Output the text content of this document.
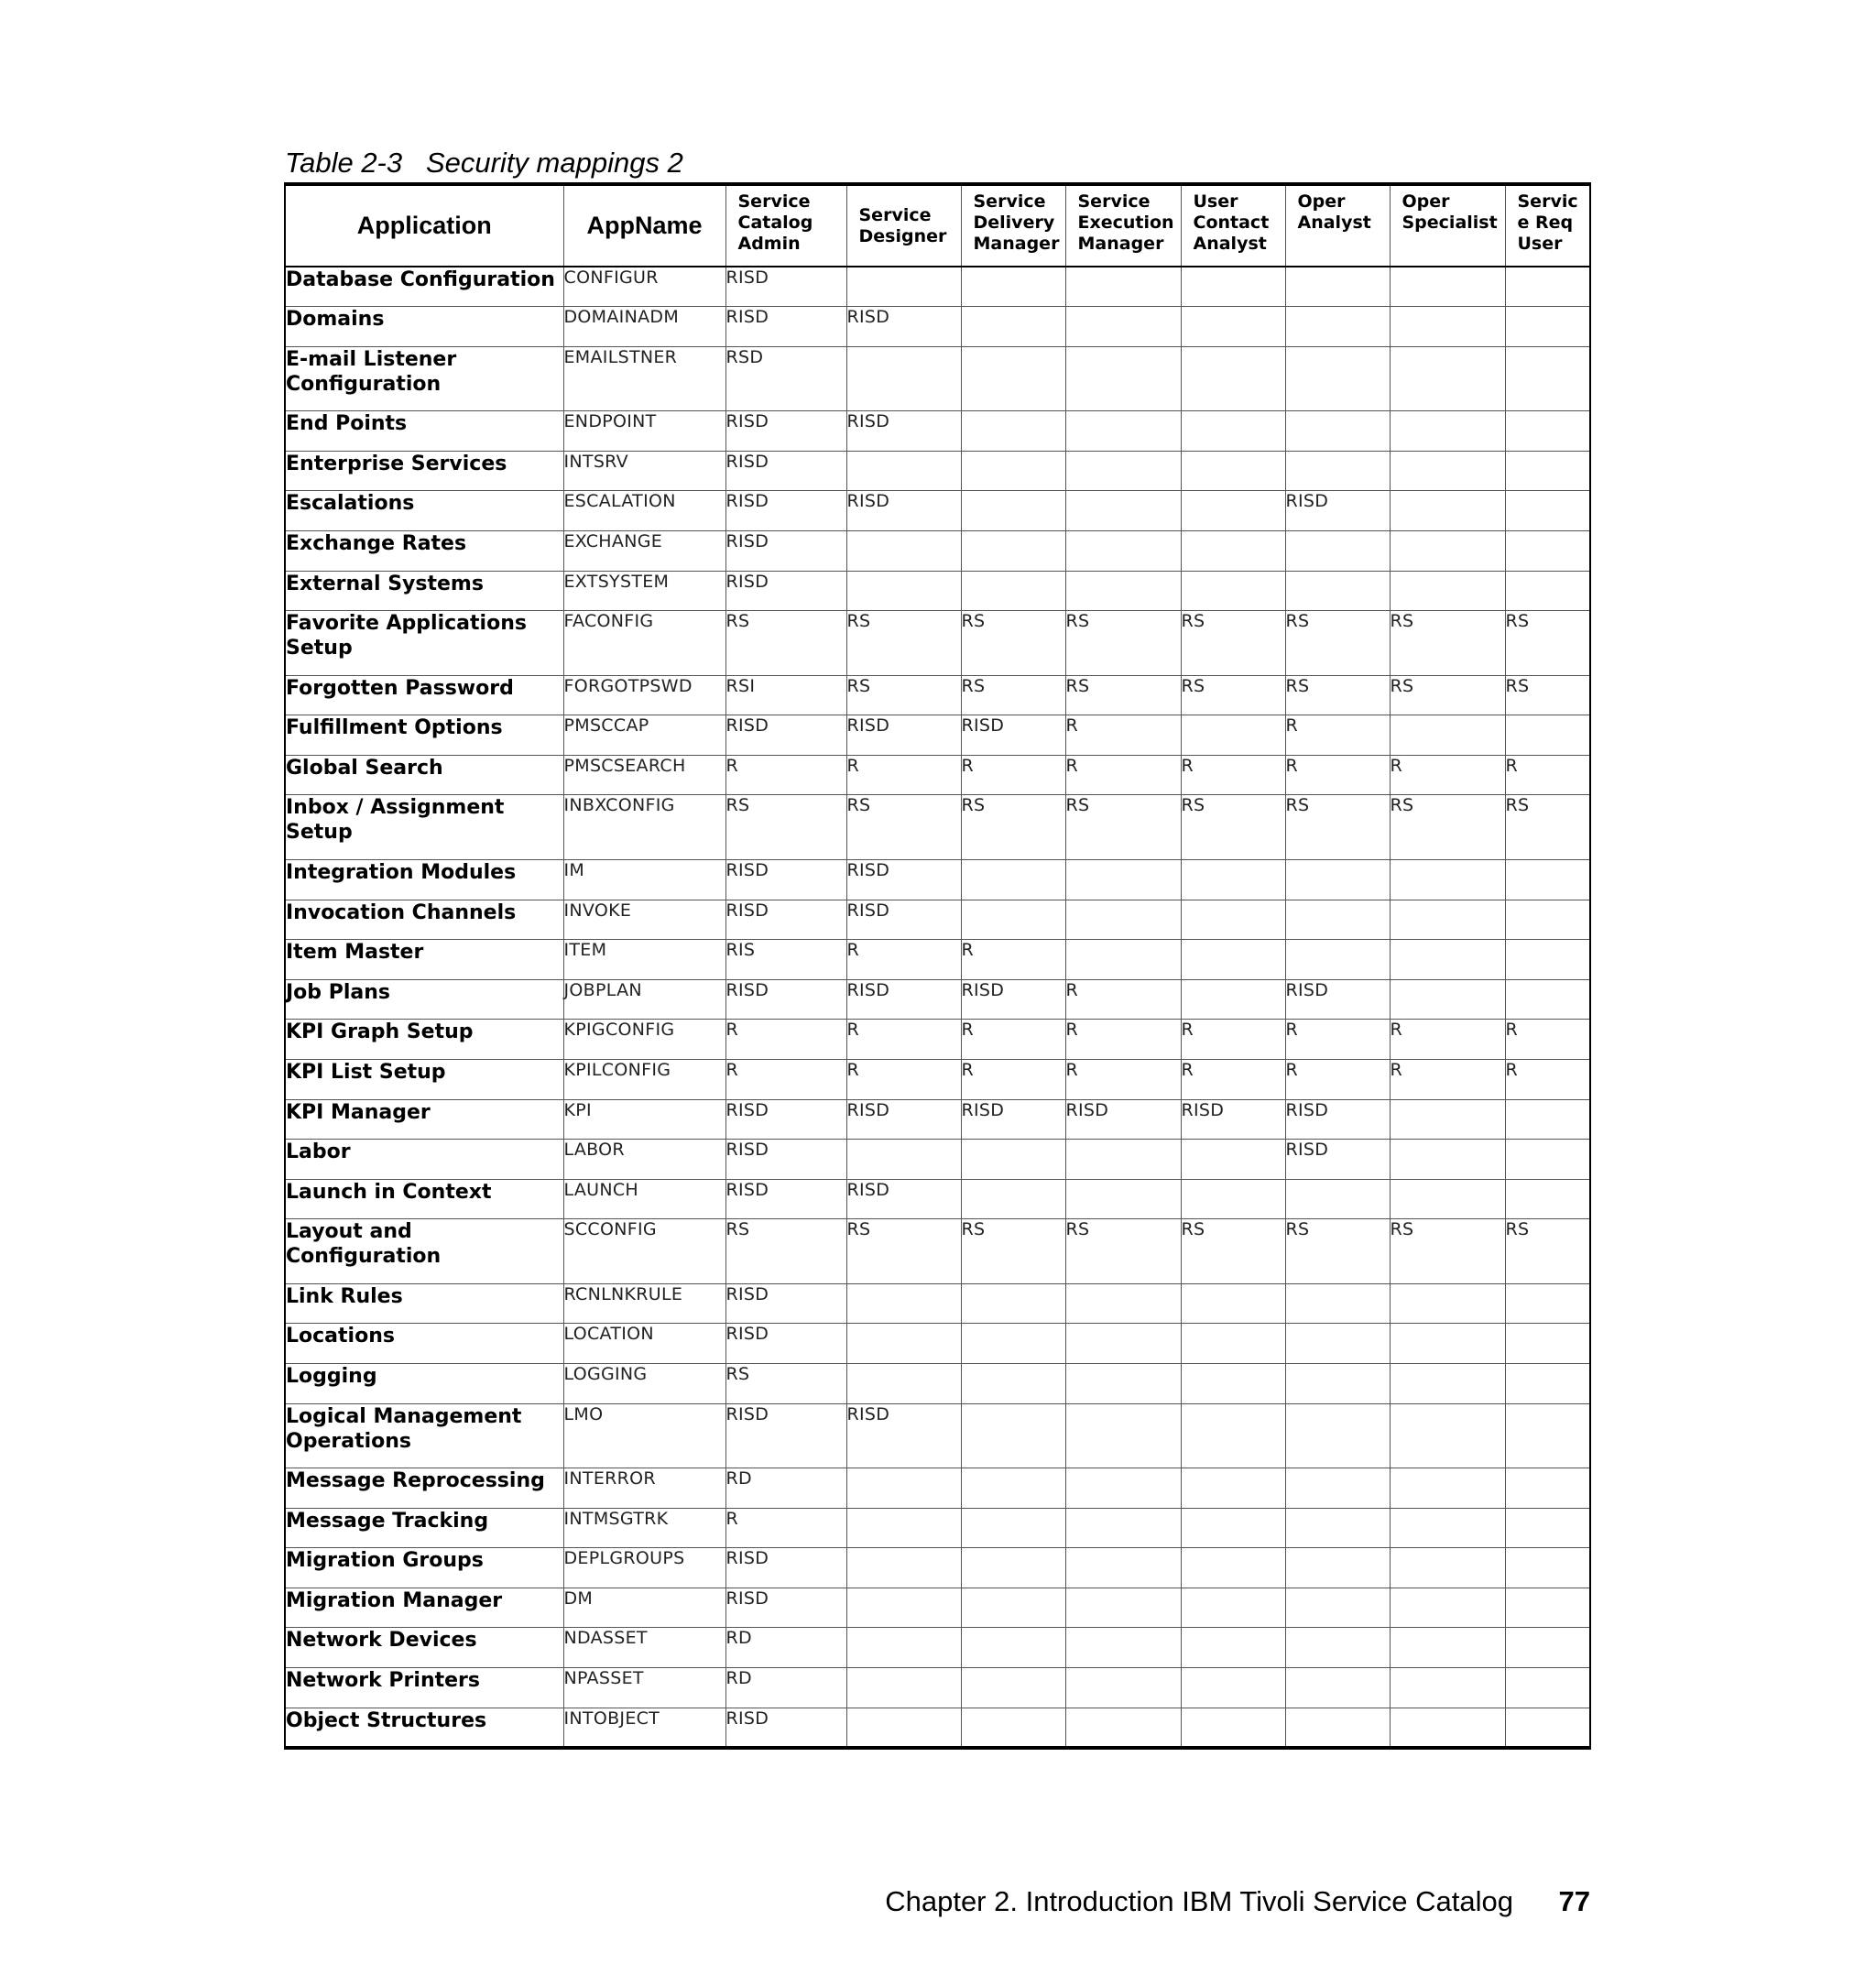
Table 2-3   Security mappings 2
Application	AppName	Service Catalog Admin	Service Designer	Service Delivery Manager	Service Execution Manager	User Contact Analyst	Oper Analyst	Oper Specialist	Service Req User
Database Configuration	CONFIGUR	RISD							
Domains	DOMAINADM	RISD	RISD						
E-mail Listener Configuration	EMAILSTNER	RSD							
End Points	ENDPOINT	RISD	RISD						
Enterprise Services	INTSRV	RISD							
Escalations	ESCALATION	RISD	RISD				RISD		
Exchange Rates	EXCHANGE	RISD							
External Systems	EXTSYSTEM	RISD							
Favorite Applications Setup	FACONFIG	RS	RS	RS	RS	RS	RS	RS	RS
Forgotten Password	FORGOTPSWD	RSI	RS	RS	RS	RS	RS	RS	RS
Fulfillment Options	PMSCCAP	RISD	RISD	RISD	R		R		
Global Search	PMSCSEARCH	R	R	R	R	R	R	R	R
Inbox / Assignment Setup	INBXCONFIG	RS	RS	RS	RS	RS	RS	RS	RS
Integration Modules	IM	RISD	RISD						
Invocation Channels	INVOKE	RISD	RISD						
Item Master	ITEM	RIS	R	R					
Job Plans	JOBPLAN	RISD	RISD	RISD	R		RISD		
KPI Graph Setup	KPIGCONFIG	R	R	R	R	R	R	R	R
KPI List Setup	KPILCONFIG	R	R	R	R	R	R	R	R
KPI Manager	KPI	RISD	RISD	RISD	RISD	RISD	RISD		
Labor	LABOR	RISD					RISD		
Launch in Context	LAUNCH	RISD	RISD						
Layout and Configuration	SCCONFIG	RS	RS	RS	RS	RS	RS	RS	RS
Link Rules	RCNLNKRULE	RISD							
Locations	LOCATION	RISD							
Logging	LOGGING	RS							
Logical Management Operations	LMO	RISD	RISD						
Message Reprocessing	INTERROR	RD							
Message Tracking	INTMSGTRK	R							
Migration Groups	DEPLGROUPS	RISD							
Migration Manager	DM	RISD							
Network Devices	NDASSET	RD							
Network Printers	NPASSET	RD							
Object Structures	INTOBJECT	RISD							
Chapter 2. Introduction IBM Tivoli Service Catalog 77
